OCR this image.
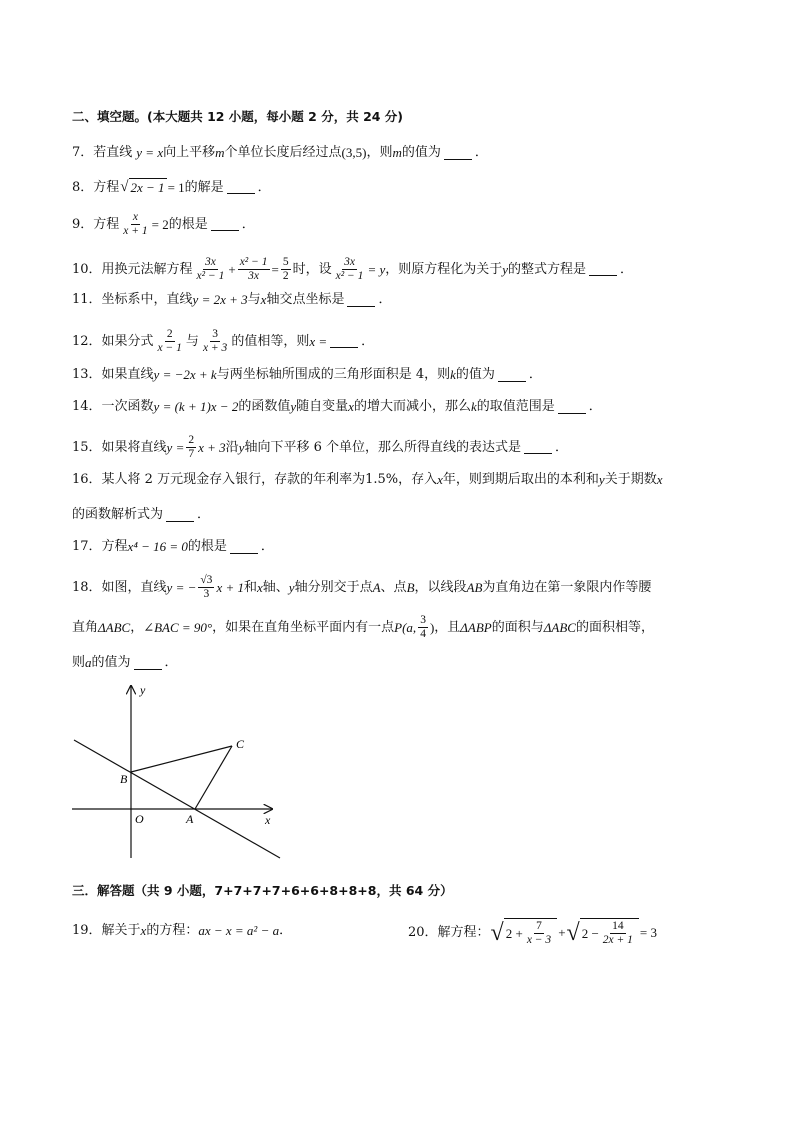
二、填空题。(本大题共 12 小题，每小题 2 分，共 24 分)
7．若直线 y = x 向上平移 m 个单位长度后经过点 (3,5) ，则 m 的值为	．
8．方程 √ 2x − 1 = 1 的解是	．
9．方程 $\frac{x}{x + 1} = 2$ 的根是	．
10．用换元法解方程 $\frac{3x}{\text{x² − 1}} + \frac{\text{x² − 1}}{3x} = \frac{5}{2}$ 时，设 $\frac{3x}{\text{x² − 1}} = y$ ，则原方程化为关于 y 的整式方程是	．
11．坐标系中，直线 y = 2x + 3 与 x 轴交点坐标是	．
12．如果分式 $\frac{2}{x - 1}$ 与 $\frac{3}{x + 3}$ 的值相等，则 x =	．
13．如果直线 y = −2x + k 与两坐标轴所围成的三角形面积是 4，则 k 的值为	．
14．一次函数 y = (k + 1)x − 2 的函数值 y 随自变量 x 的增大而减小，那么 k 的取值范围是	．
15．如果将直线 $y = \frac{2}{7}$ x + 3 沿 y 轴向下平移 6 个单位，那么所得直线的表达式是	．
16．某人将 2 万元现金存入银行，存款的年利率为1.5%，存入 x 年，则到期后取出的本利和 y 关于期数 x
的函数解析式为	．
17．方程 x⁴ − 16 = 0 的根是	．
18．如图，直线 y = − $\frac{√3}{3}$ x + 1 和 x 轴、 y 轴分别交于点 A 、点 B ，以线段 AB 为直角边在第一象限内作等腰
直角 ΔABC ， ∠BAC = 90° ，如果在直角坐标平面内有一点 P(a, $\frac{3}{4}$ ) ，且 ΔABP 的面积与 ΔABC 的面积相等，
则 a 的值为	．
y
x
O	A
B
C
三．解答题（共 9 小题，7+7+7+7+6+6+8+8+8，共 64 分）
19．解关于 x 的方程： ax − x = a² − a ．	20．解方程： √ $2 + \frac{7}{x - 3}$ + √ $2 - \frac{14}{2x + 1} = 3$
